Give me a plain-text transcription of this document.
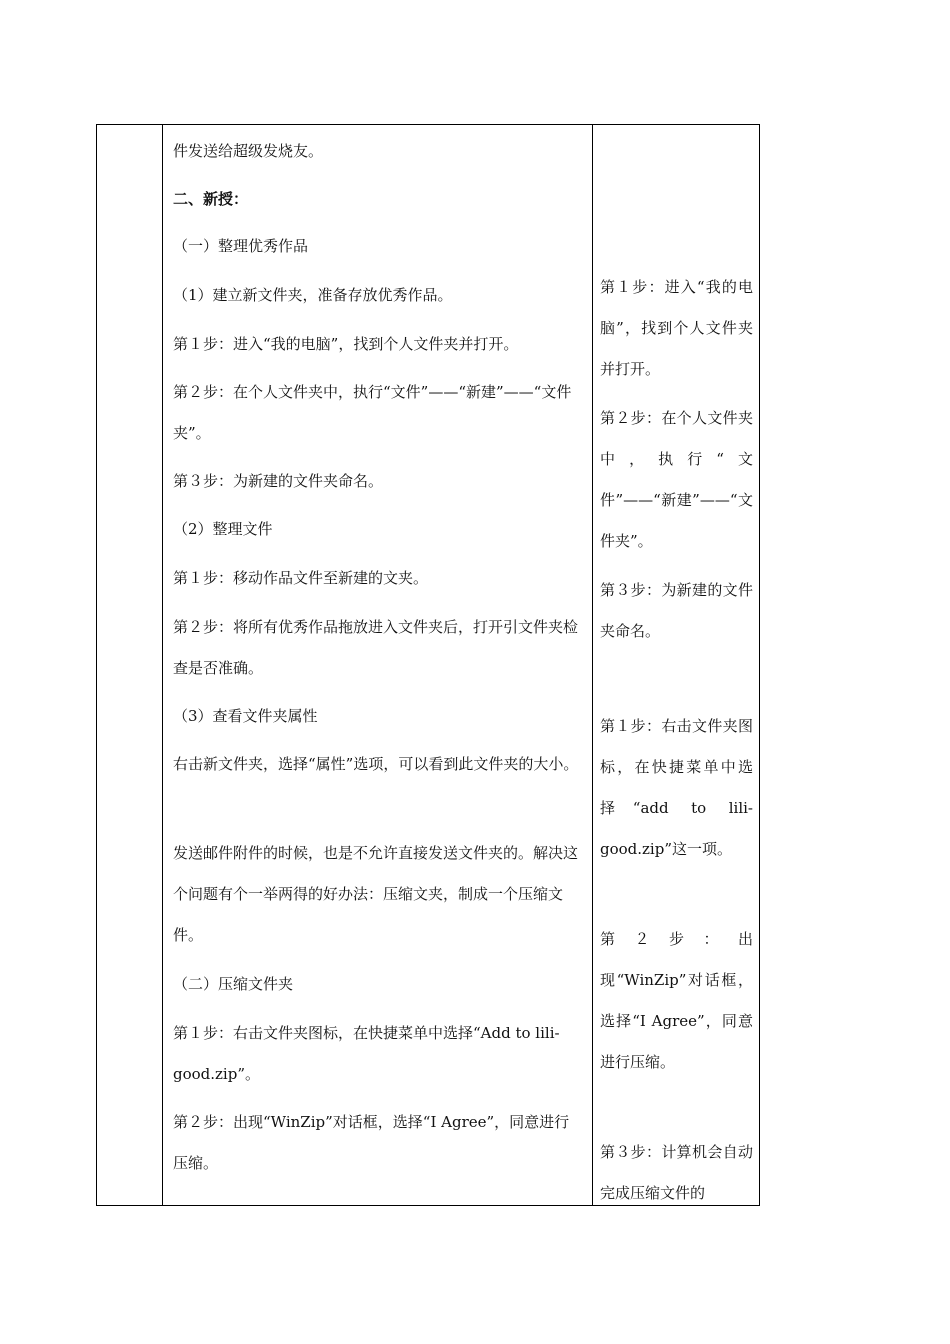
件发送给超级发烧友。

二、新授：

（一）整理优秀作品

（1）建立新文件夹，准备存放优秀作品。

第１步：进入“我的电脑”，找到个人文件夹并打开。

第２步：在个人文件夹中，执行“文件”——“新建”——“文件夹”。

第３步：为新建的文件夹命名。

（2）整理文件

第１步：移动作品文件至新建的文夹。

第２步：将所有优秀作品拖放进入文件夹后，打开引文件夹检查是否准确。

（3）查看文件夹属性

右击新文件夹，选择“属性”选项，可以看到此文件夹的大小。

发送邮件附件的时候，也是不允许直接发送文件夹的。解决这个问题有个一举两得的好办法：压缩文夹，制成一个压缩文件。

（二）压缩文件夹

第１步：右击文件夹图标，在快捷菜单中选择“Add to lili-good.zip”。

第２步：出现“WinZip”对话框，选择“I Agree”，同意进行压缩。

第１步：进入“我的电脑”，找到个人文件夹并打开。

第２步：在个人文件夹中，执行“文件”——“新建”——“文件夹”。

第３步：为新建的文件夹命名。

第１步：右击文件夹图标，在快捷菜单中选择“add to lili-good.zip”这一项。

第２步：出现“WinZip”对话框，选择“I Agree”，同意进行压缩。

第３步：计算机会自动完成压缩文件的
